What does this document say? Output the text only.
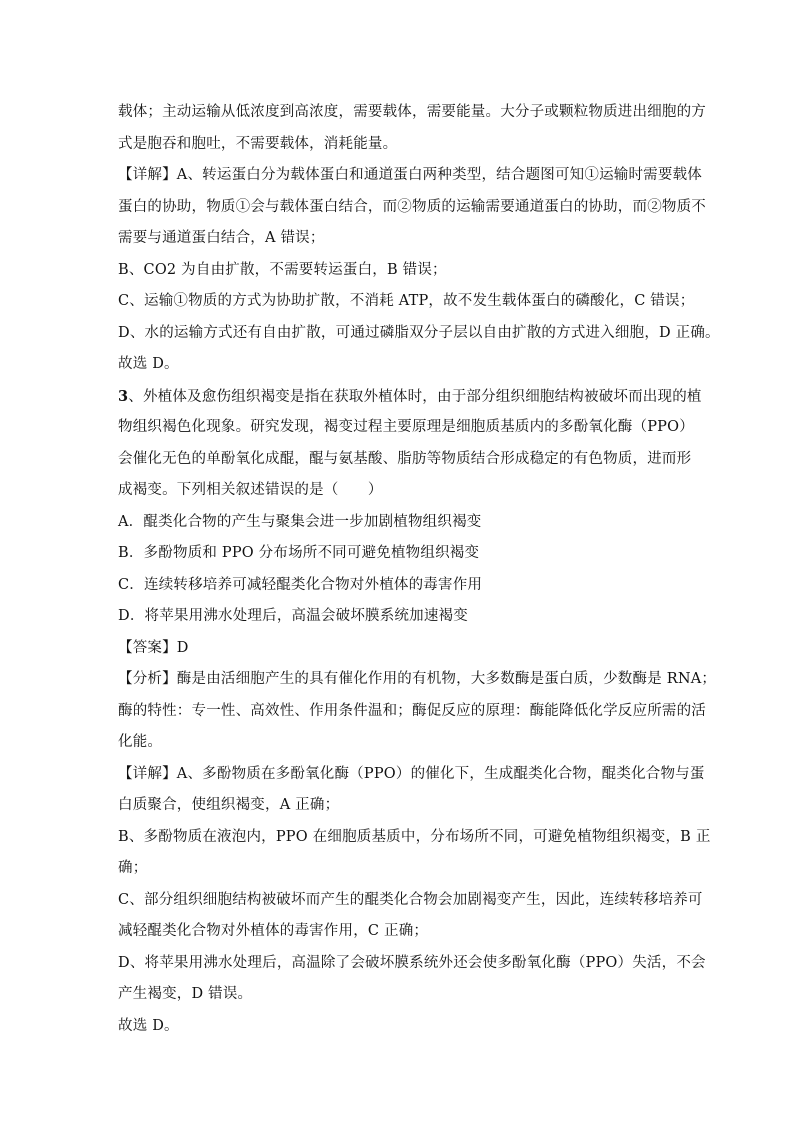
载体；主动运输从低浓度到高浓度，需要载体，需要能量。大分子或颗粒物质进出细胞的方
式是胞吞和胞吐，不需要载体，消耗能量。
【详解】A、转运蛋白分为载体蛋白和通道蛋白两种类型，结合题图可知①运输时需要载体
蛋白的协助，物质①会与载体蛋白结合，而②物质的运输需要通道蛋白的协助，而②物质不
需要与通道蛋白结合，A 错误；
B、CO2 为自由扩散，不需要转运蛋白，B 错误；
C、运输①物质的方式为协助扩散，不消耗 ATP，故不发生载体蛋白的磷酸化，C 错误；
D、水的运输方式还有自由扩散，可通过磷脂双分子层以自由扩散的方式进入细胞，D 正确。
故选 D。
3、外植体及愈伤组织褐变是指在获取外植体时，由于部分组织细胞结构被破坏而出现的植
物组织褐色化现象。研究发现，褐变过程主要原理是细胞质基质内的多酚氧化酶（PPO）
会催化无色的单酚氧化成醌，醌与氨基酸、脂肪等物质结合形成稳定的有色物质，进而形
成褐变。下列相关叙述错误的是（　　）
A．醌类化合物的产生与聚集会进一步加剧植物组织褐变
B．多酚物质和 PPO 分布场所不同可避免植物组织褐变
C．连续转移培养可减轻醌类化合物对外植体的毒害作用
D．将苹果用沸水处理后，高温会破坏膜系统加速褐变
【答案】D
【分析】酶是由活细胞产生的具有催化作用的有机物，大多数酶是蛋白质，少数酶是 RNA；
酶的特性：专一性、高效性、作用条件温和；酶促反应的原理：酶能降低化学反应所需的活
化能。
【详解】A、多酚物质在多酚氧化酶（PPO）的催化下，生成醌类化合物，醌类化合物与蛋
白质聚合，使组织褐变，A 正确；
B、多酚物质在液泡内，PPO 在细胞质基质中，分布场所不同，可避免植物组织褐变，B 正
确；
C、部分组织细胞结构被破坏而产生的醌类化合物会加剧褐变产生，因此，连续转移培养可
减轻醌类化合物对外植体的毒害作用，C 正确；
D、将苹果用沸水处理后，高温除了会破坏膜系统外还会使多酚氧化酶（PPO）失活，不会
产生褐变，D 错误。
故选 D。
